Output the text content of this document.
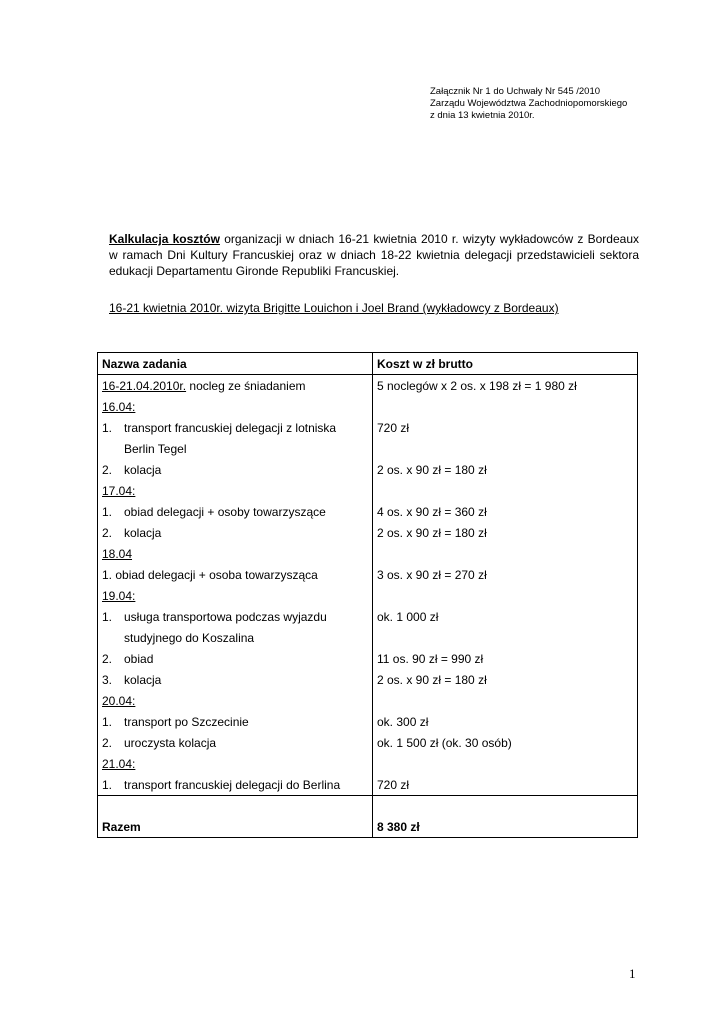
Załącznik Nr 1 do Uchwały Nr 545 /2010
Zarządu Województwa Zachodniopomorskiego
z dnia 13 kwietnia 2010r.
Kalkulacja kosztów organizacji w dniach 16-21 kwietnia 2010 r. wizyty wykładowców z Bordeaux w ramach Dni Kultury Francuskiej oraz w dniach 18-22 kwietnia delegacji przedstawicieli sektora edukacji Departamentu Gironde Republiki Francuskiej.
16-21 kwietnia 2010r. wizyta Brigitte Louichon i Joel Brand (wykładowcy z Bordeaux)
Nazwa zadania	Koszt w zł brutto
16-21.04.2010r. nocleg ze śniadaniem	5 noclegów x 2 os. x 198 zł = 1 980 zł
16.04:	
1. transport francuskiej delegacji z lotniska	720 zł
Berlin Tegel	
2. kolacja	2 os. x 90 zł = 180 zł
17.04:	
1. obiad delegacji + osoby towarzyszące	4 os. x 90 zł = 360 zł
2. kolacja	2 os. x 90 zł = 180 zł
18.04	
1. obiad delegacji + osoba towarzysząca	3 os. x 90 zł = 270 zł
19.04:	
1. usługa transportowa podczas wyjazdu	ok. 1 000 zł
studyjnego do Koszalina	
2. obiad	11 os. 90 zł = 990 zł
3. kolacja	2 os. x 90 zł = 180 zł
20.04:	
1. transport po Szczecinie	ok. 300 zł
2. uroczysta kolacja	ok. 1 500 zł (ok. 30 osób)
21.04:	
1. transport francuskiej delegacji do Berlina	720 zł

Razem	8 380 zł
1
